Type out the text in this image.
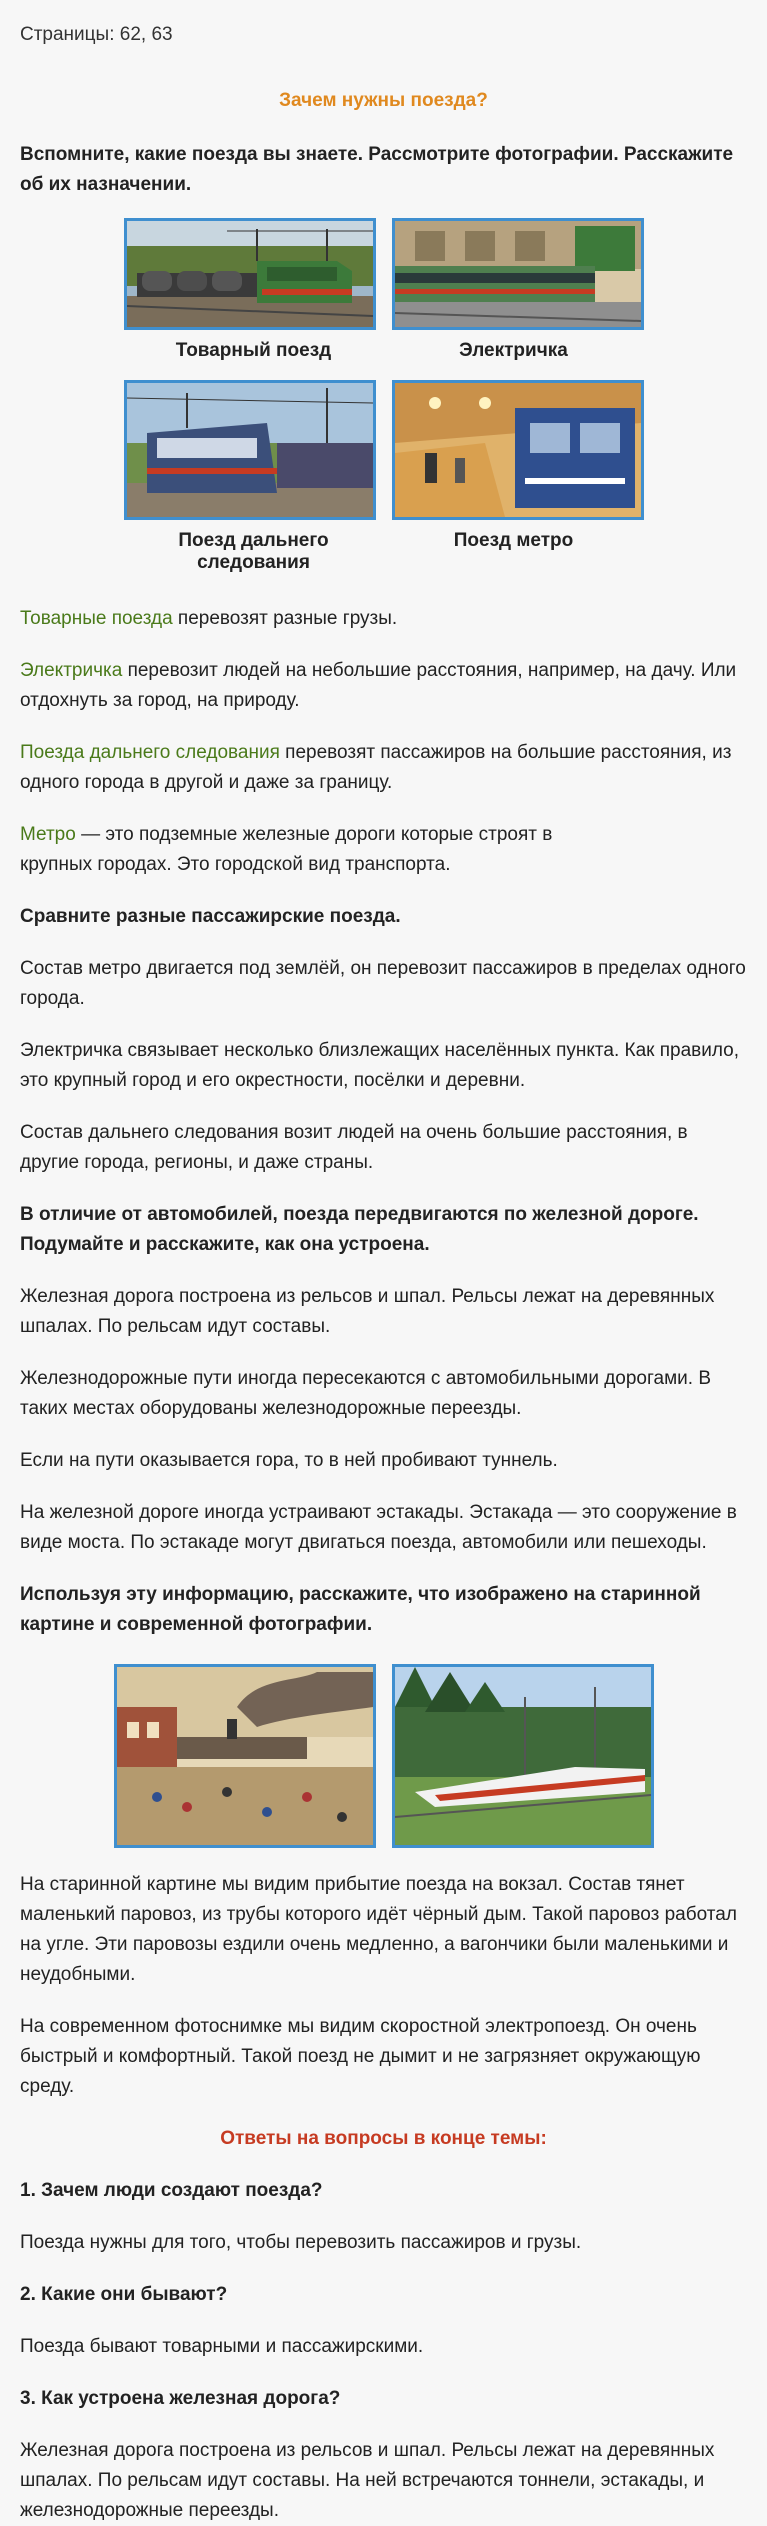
Страницы: 62, 63

Зачем нужны поезда?

Вспомните, какие поезда вы знаете. Рассмотрите фотографии. Расскажите об их назначении.

Товарный поезд	Электричка
Поезд дальнего следования
Поезд метро

Товарные поезда перевозят разные грузы.

Электричка перевозит людей на небольшие расстояния, например, на дачу. Или отдохнуть за город, на природу.

Поезда дальнего следования перевозят пассажиров на большие расстояния, из одного города в другой и даже за границу.

Метро — это подземные железные дороги которые строят в крупных городах. Это городской вид транспорта.

Сравните разные пассажирские поезда.

Состав метро двигается под землёй, он перевозит пассажиров в пределах одного города.

Электричка связывает несколько близлежащих населённых пункта. Как правило, это крупный город и его окрестности, посёлки и деревни.

Состав дальнего следования возит людей на очень большие расстояния, в другие города, регионы, и даже страны.

В отличие от автомобилей, поезда передвигаются по железной дороге. Подумайте и расскажите, как она устроена.

Железная дорога построена из рельсов и шпал. Рельсы лежат на деревянных шпалах. По рельсам идут составы.

Железнодорожные пути иногда пересекаются с автомобильными дорогами. В таких местах оборудованы железнодорожные переезды.

Если на пути оказывается гора, то в ней пробивают туннель.

На железной дороге иногда устраивают эстакады. Эстакада — это сооружение в виде моста. По эстакаде могут двигаться поезда, автомобили или пешеходы.

Используя эту информацию, расскажите, что изображено на старинной картине и современной фотографии.

На старинной картине мы видим прибытие поезда на вокзал. Состав тянет маленький паровоз, из трубы которого идёт чёрный дым. Такой паровоз работал на угле. Эти паровозы ездили очень медленно, а вагончики были маленькими и неудобными.

На современном фотоснимке мы видим скоростной электропоезд. Он очень быстрый и комфортный. Такой поезд не дымит и не загрязняет окружающую среду.

Ответы на вопросы в конце темы:

1. Зачем люди создают поезда?

Поезда нужны для того, чтобы перевозить пассажиров и грузы.

2. Какие они бывают?

Поезда бывают товарными и пассажирскими.

3. Как устроена железная дорога?

Железная дорога построена из рельсов и шпал. Рельсы лежат на деревянных шпалах. По рельсам идут составы. На ней встречаются тоннели, эстакады, и железнодорожные переезды.
